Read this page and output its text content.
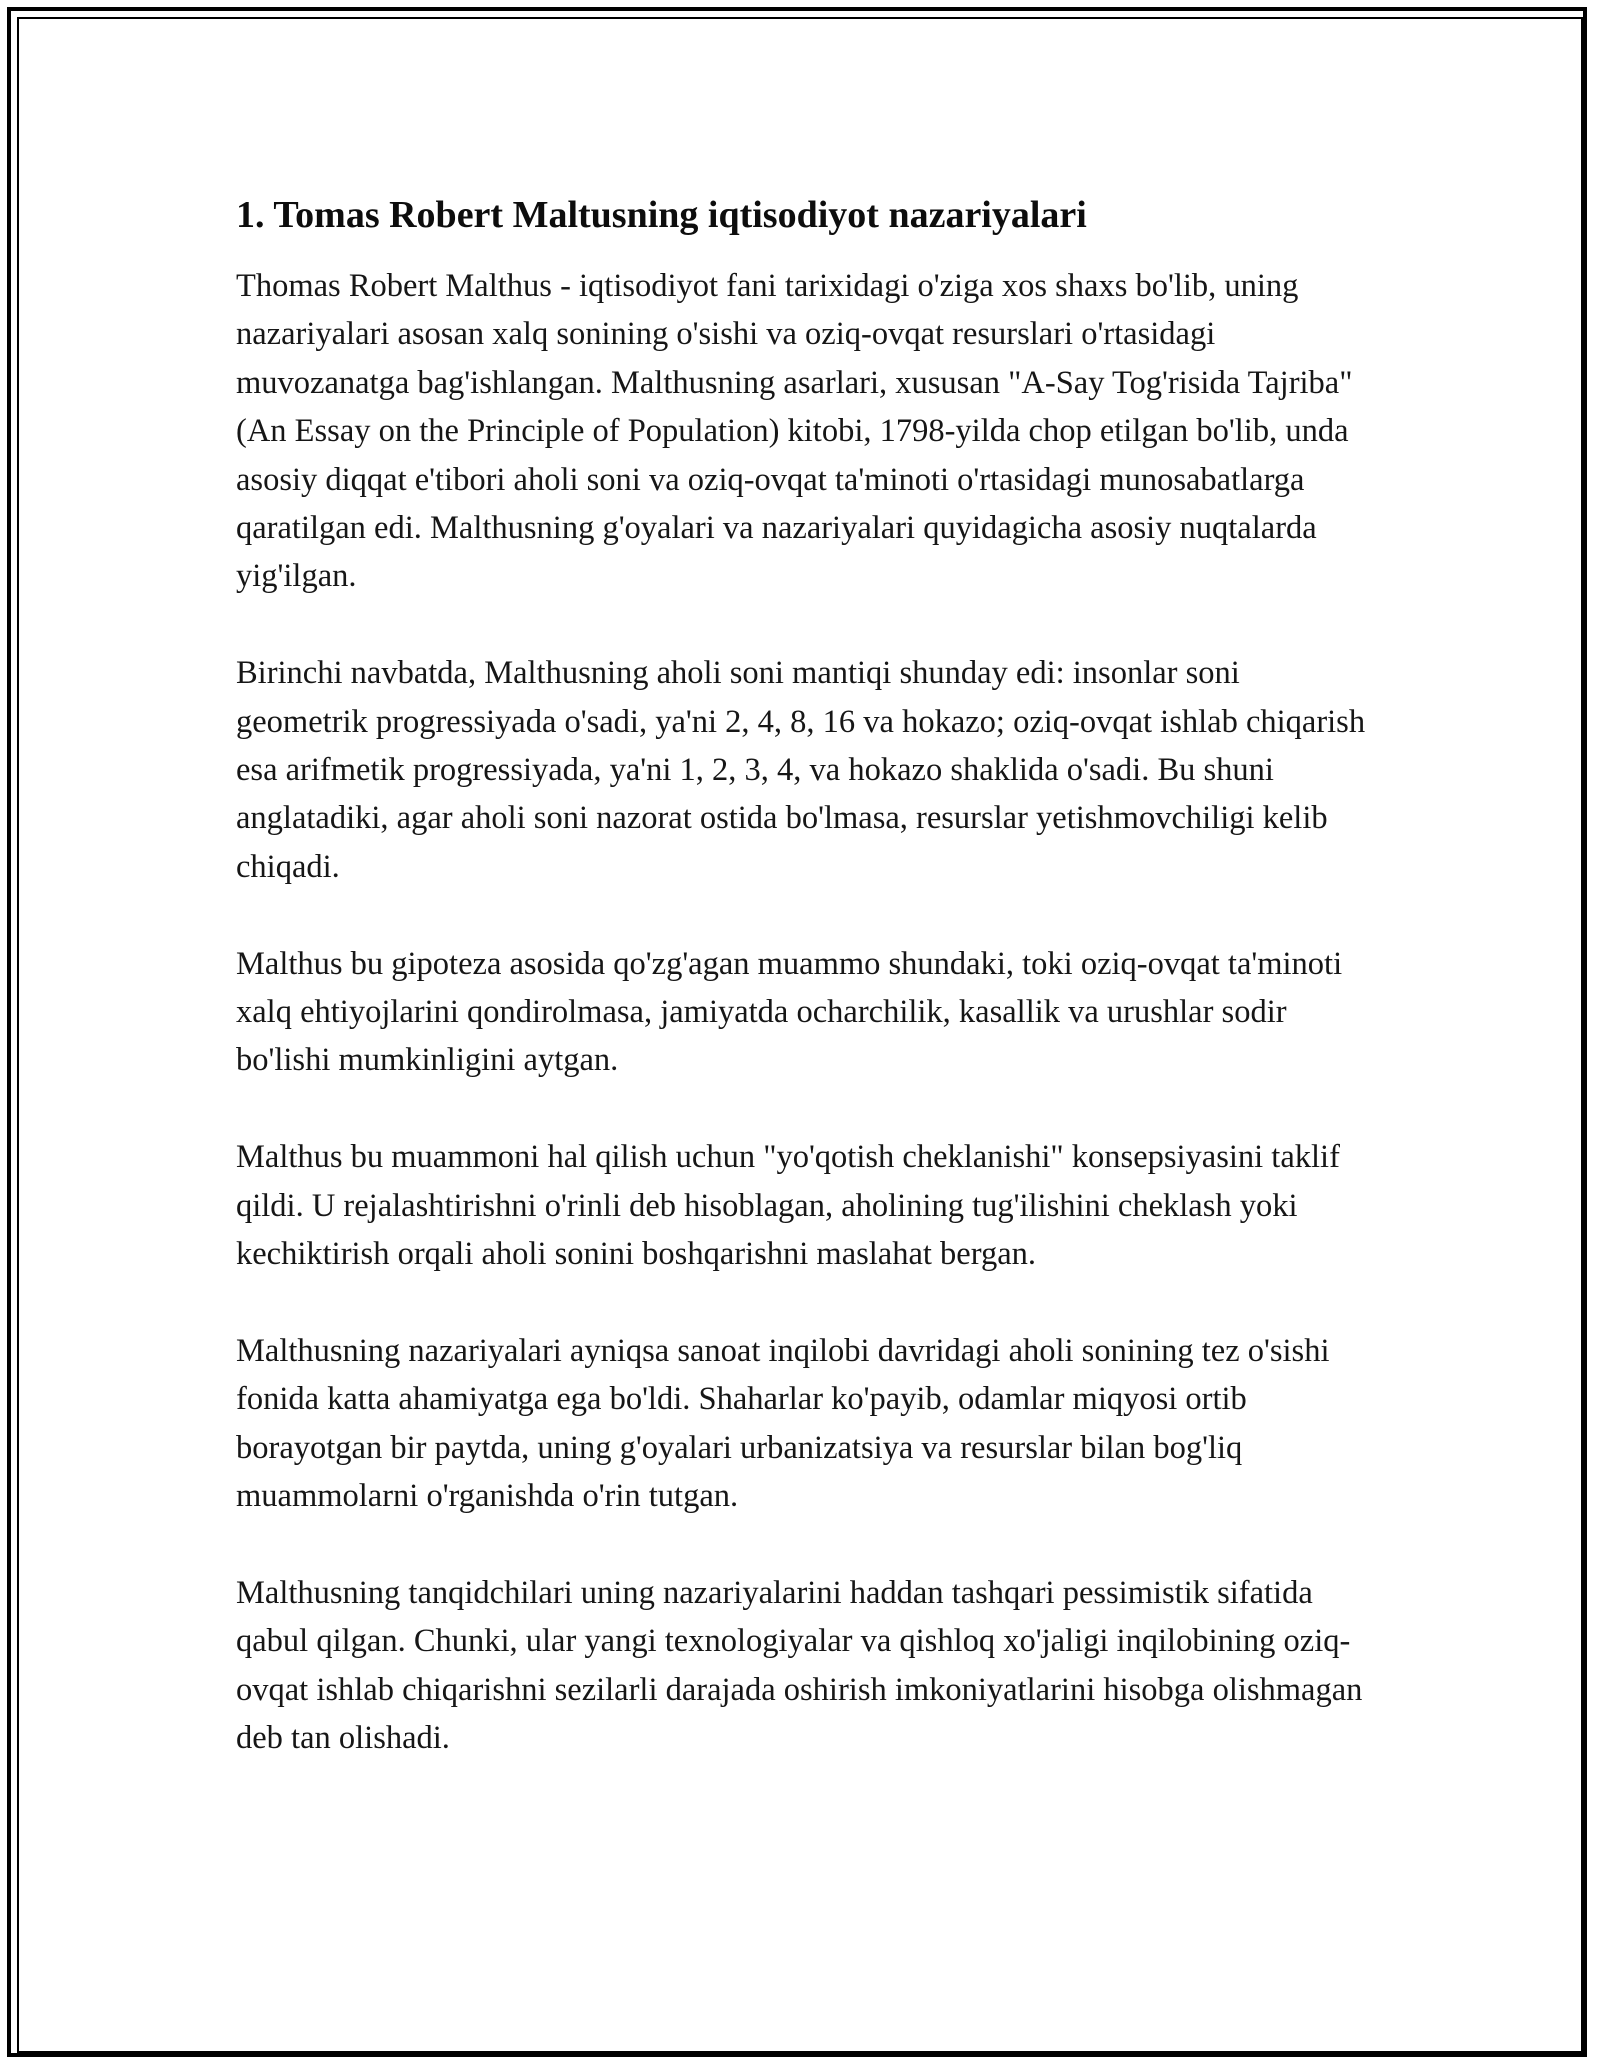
1. Tomas Robert Maltusning iqtisodiyot nazariyalari

Thomas Robert Malthus - iqtisodiyot fani tarixidagi o'ziga xos shaxs bo'lib, uning nazariyalari asosan xalq sonining o'sishi va oziq-ovqat resurslari o'rtasidagi muvozanatga bag'ishlangan. Malthusning asarlari, xususan "A-Say Tog'risida Tajriba" (An Essay on the Principle of Population) kitobi, 1798-yilda chop etilgan bo'lib, unda asosiy diqqat e'tibori aholi soni va oziq-ovqat ta'minoti o'rtasidagi munosabatlarga qaratilgan edi. Malthusning g'oyalari va nazariyalari quyidagicha asosiy nuqtalarda yig'ilgan.

Birinchi navbatda, Malthusning aholi soni mantiqi shunday edi: insonlar soni geometrik progressiyada o'sadi, ya'ni 2, 4, 8, 16 va hokazo; oziq-ovqat ishlab chiqarish esa arifmetik progressiyada, ya'ni 1, 2, 3, 4, va hokazo shaklida o'sadi. Bu shuni anglatadiki, agar aholi soni nazorat ostida bo'lmasa, resurslar yetishmovchiligi kelib chiqadi.

Malthus bu gipoteza asosida qo'zg'agan muammo shundaki, toki oziq-ovqat ta'minoti xalq ehtiyojlarini qondirolmasa, jamiyatda ocharchilik, kasallik va urushlar sodir bo'lishi mumkinligini aytgan.

Malthus bu muammoni hal qilish uchun "yo'qotish cheklanishi" konsepsiyasini taklif qildi. U rejalashtirishni o'rinli deb hisoblagan, aholining tug'ilishini cheklash yoki kechiktirish orqali aholi sonini boshqarishni maslahat bergan.

Malthusning nazariyalari ayniqsa sanoat inqilobi davridagi aholi sonining tez o'sishi fonida katta ahamiyatga ega bo'ldi. Shaharlar ko'payib, odamlar miqyosi ortib borayotgan bir paytda, uning g'oyalari urbanizatsiya va resurslar bilan bog'liq muammolarni o'rganishda o'rin tutgan.

Malthusning tanqidchilari uning nazariyalarini haddan tashqari pessimistik sifatida qabul qilgan. Chunki, ular yangi texnologiyalar va qishloq xo'jaligi inqilobining oziq-ovqat ishlab chiqarishni sezilarli darajada oshirish imkoniyatlarini hisobga olishmagan deb tan olishadi.
